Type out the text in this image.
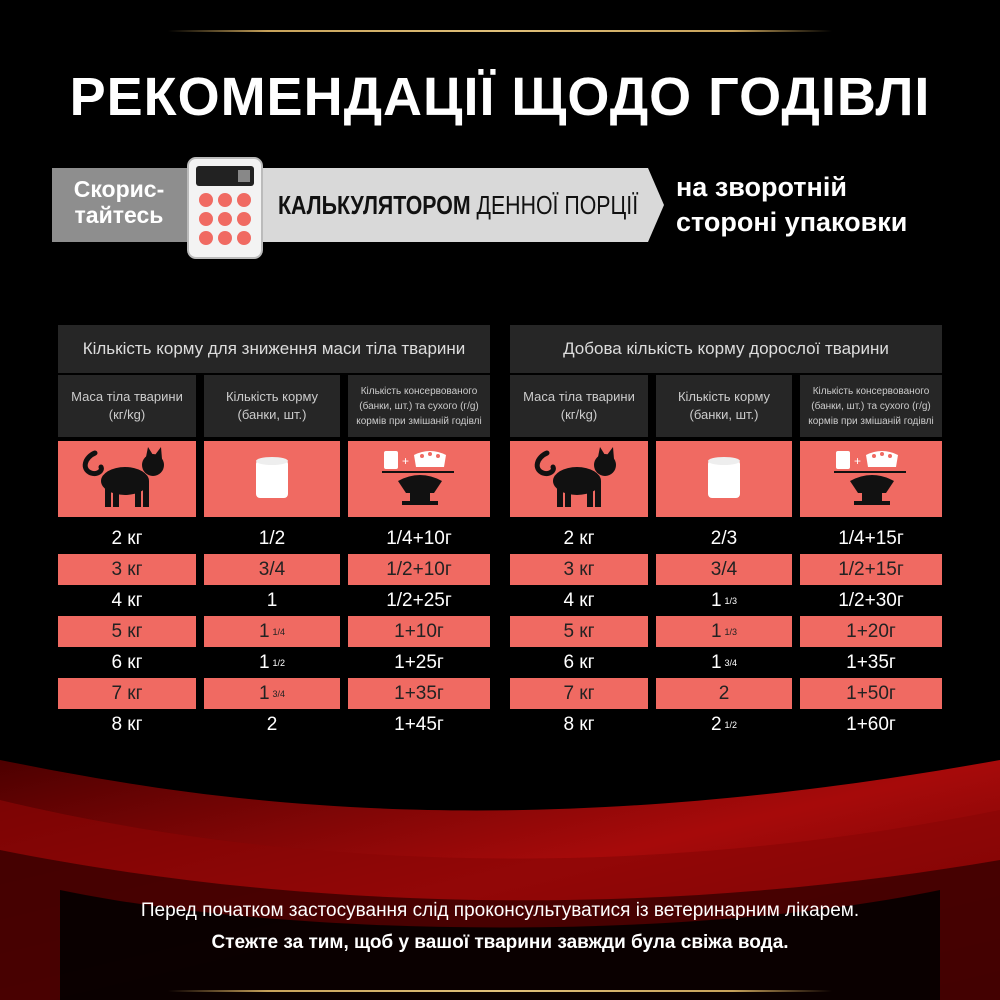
РЕКОМЕНДАЦІЇ ЩОДО ГОДІВЛІ
Скорис-
тайтесь	КАЛЬКУЛЯТОРОМ ДЕННОЇ ПОРЦІЇ
на зворотній
стороні упаковки
Кількість корму для зниження маси тіла тварини
Маса тіла тварини
(кг/kg)
Кількість корму
(банки, шт.)
Кількість консервованого
(банки, шт.) та сухого (г/g)
кормів при змішаній годівлі
+
2 кг	1/2	1/4+10г
3 кг	3/4	1/2+10г
4 кг	1	1/2+25г
5 кг	1 1/4	1+10г
6 кг	1 1/2	1+25г
7 кг	1 3/4	1+35г
8 кг	2	1+45г
Добова кількість корму дорослої тварини
Маса тіла тварини
(кг/kg)
Кількість корму
(банки, шт.)
Кількість консервованого
(банки, шт.) та сухого (г/g)
кормів при змішаній годівлі
+
2 кг	2/3	1/4+15г
3 кг	3/4	1/2+15г
4 кг	1 1/3	1/2+30г
5 кг	1 1/3	1+20г
6 кг	1 3/4	1+35г
7 кг	2	1+50г
8 кг	2 1/2	1+60г
Перед початком застосування слід проконсультуватися із ветеринарним лікарем.
Стежте за тим, щоб у вашої тварини завжди була свіжа вода.
